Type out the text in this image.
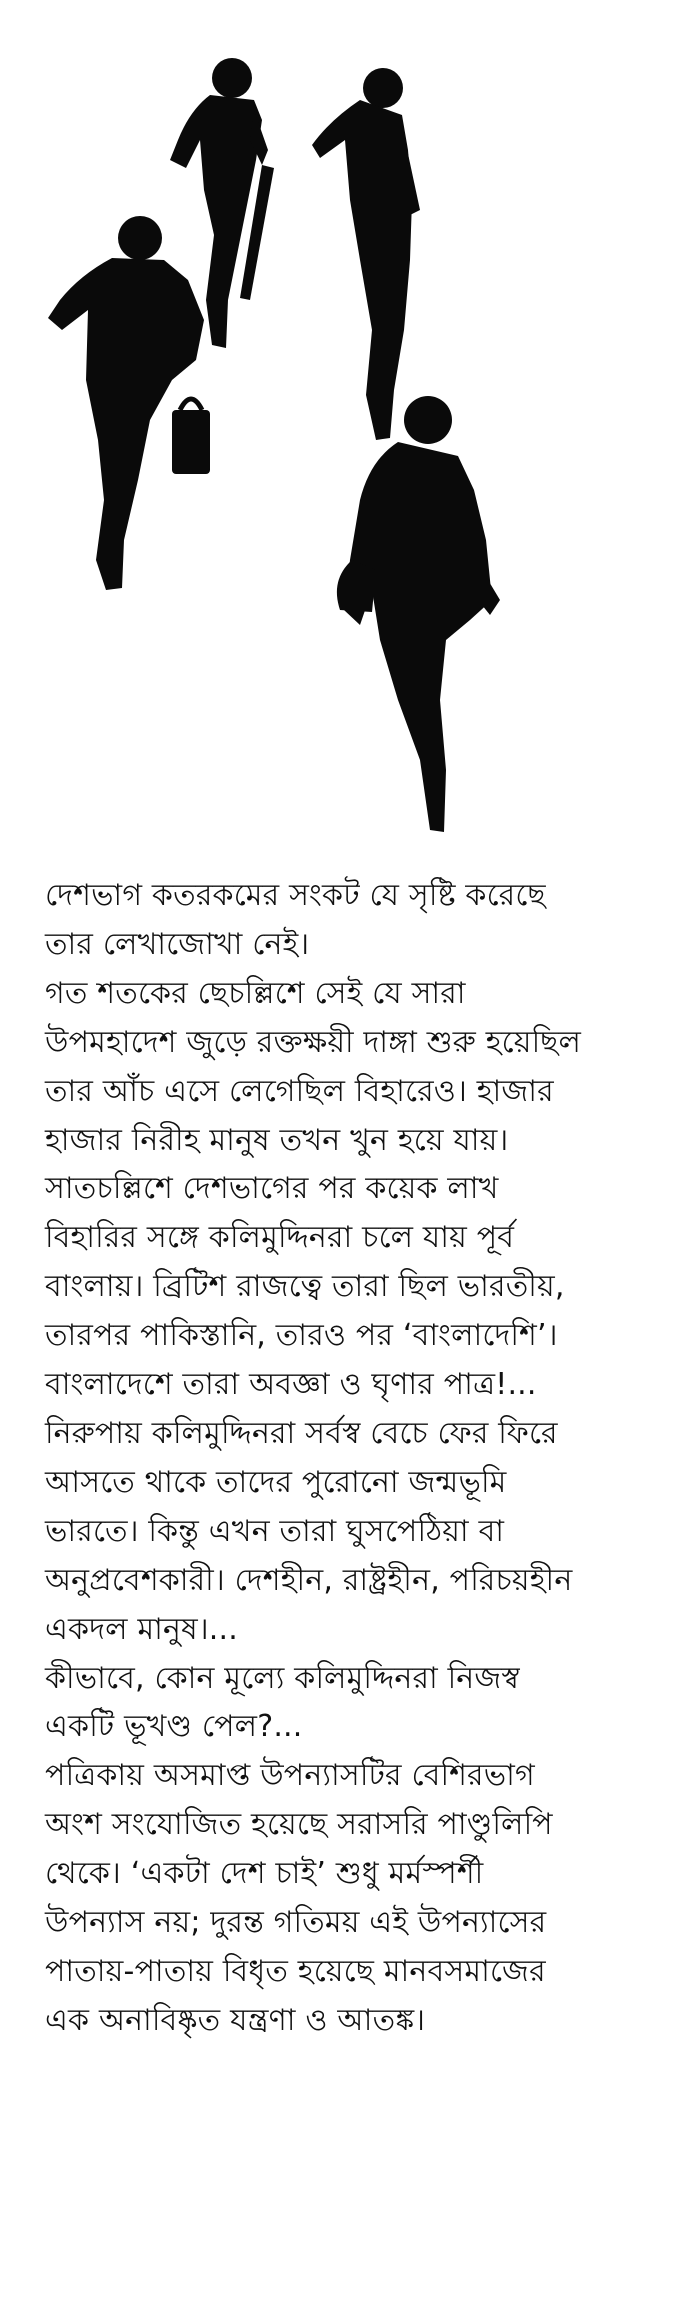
দেশভাগ কতরকমের সংকট যে সৃষ্টি করেছে
তার লেখাজোখা নেই।
গত শতকের ছেচল্লিশে সেই যে সারা
উপমহাদেশ জুড়ে রক্তক্ষয়ী দাঙ্গা শুরু হয়েছিল
তার আঁচ এসে লেগেছিল বিহারেও। হাজার
হাজার নিরীহ মানুষ তখন খুন হয়ে যায়।
সাতচল্লিশে দেশভাগের পর কয়েক লাখ
বিহারির সঙ্গে কলিমুদ্দিনরা চলে যায় পূর্ব
বাংলায়। ব্রিটিশ রাজত্বে তারা ছিল ভারতীয়,
তারপর পাকিস্তানি, তারও পর ‘বাংলাদেশি’।
বাংলাদেশে তারা অবজ্ঞা ও ঘৃণার পাত্র!...
নিরুপায় কলিমুদ্দিনরা সর্বস্ব বেচে ফের ফিরে
আসতে থাকে তাদের পুরোনো জন্মভূমি
ভারতে। কিন্তু এখন তারা ঘুসপেঠিয়া বা
অনুপ্রবেশকারী। দেশহীন, রাষ্ট্রহীন, পরিচয়হীন
একদল মানুষ।...
কীভাবে, কোন মূল্যে কলিমুদ্দিনরা নিজস্ব
একটি ভূখণ্ড পেল?...
পত্রিকায় অসমাপ্ত উপন্যাসটির বেশিরভাগ
অংশ সংযোজিত হয়েছে সরাসরি পাণ্ডুলিপি
থেকে। ‘একটা দেশ চাই’ শুধু মর্মস্পর্শী
উপন্যাস নয়; দুরন্ত গতিময় এই উপন্যাসের
পাতায়-পাতায় বিধৃত হয়েছে মানবসমাজের
এক অনাবিষ্কৃত যন্ত্রণা ও আতঙ্ক।
